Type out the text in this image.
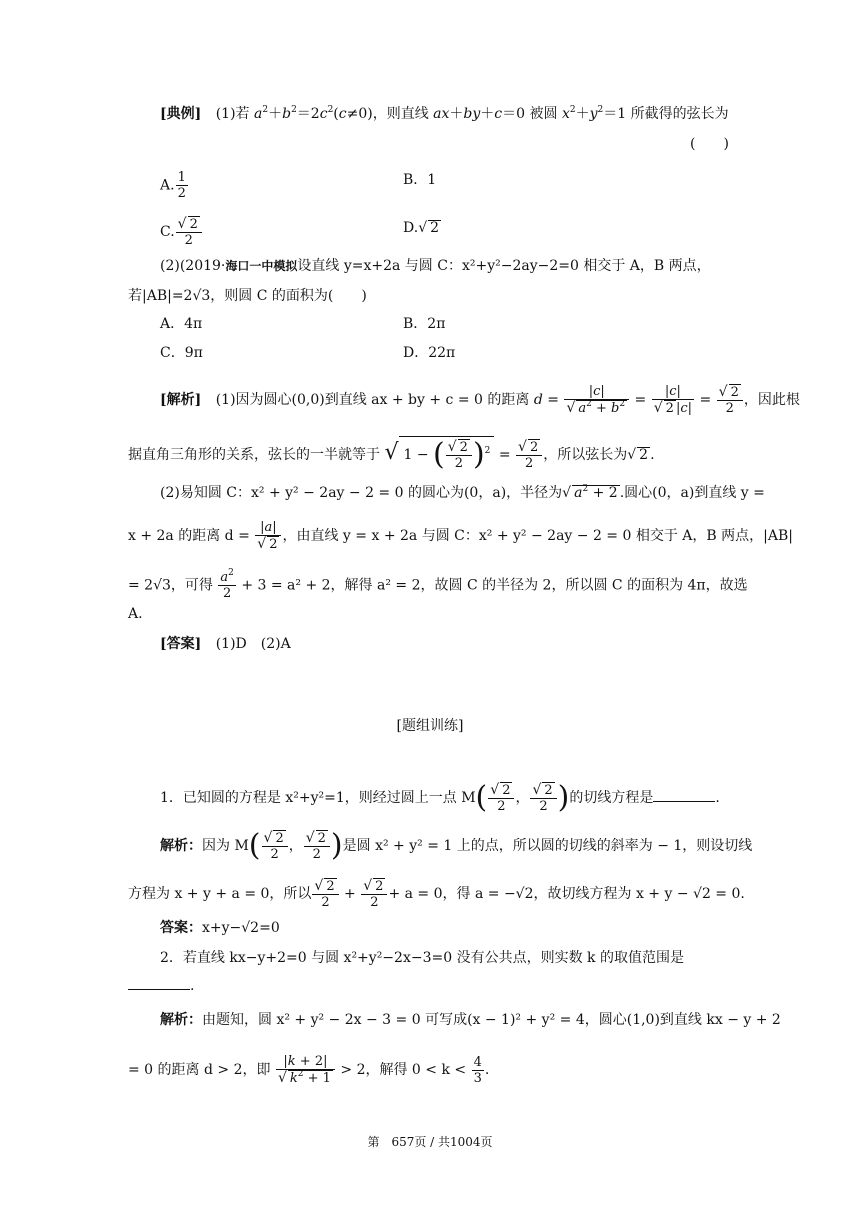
[典例] (1)若 $a^2+b^2=2c^2(c\ne 0)$，则直线 ax＋by＋c＝0 被圆 $x^2+y^2=1$ 所截得的弦长为
(　　)
A. $\frac{1}{2}$	B．1
C. $\frac{√ 2}{2}$	D.√ 2
(2)(2019·海口一中模拟设直线 y=x+2a 与圆 C：x²+y²−2ay−2=0 相交于 A，B 两点，
若|AB|=2√3，则圆 C 的面积为(　　)
A．4π	B．2π
C．9π	D．22π
[解析] (1)因为圆心(0,0)到直线 ax + by + c = 0 的距离 $d = \frac{|c|}{√ a^2 + b^2} = \frac{|c|}{√ 2 |c|} = \frac{√ 2}{2}$ ，因此根
据直角三角形的关系，弦长的一半就等于 √ 1 − ( $\frac{√ 2}{2} )^2 = \frac{√ 2}{2}$ ，所以弦长为√ 2 .
(2)易知圆 C：x² + y² − 2ay − 2 = 0 的圆心为(0，a)，半径为√ $a^2 + 2$ .圆心(0，a)到直线 y =
x + 2a 的距离 $d = \frac{|a|}{√ 2}$ ，由直线 y = x + 2a 与圆 C：x² + y² − 2ay − 2 = 0 相交于 A，B 两点，|AB|
= 2√3，可得 $\frac{a^2}{2} + 3 = a^2 + 2$，解得 a² = 2，故圆 C 的半径为 2，所以圆 C 的面积为 4π，故选
A.
[答案] (1)D　(2)A
[题组训练]
1．已知圆的方程是 x²+y²=1，则经过圆上一点 $M( \frac{√ 2}{2}$ ， $\frac{√ 2}{2}$ )的切线方程是	.
解析：因为 $M( \frac{√ 2}{2}$ ， $\frac{√ 2}{2}$ )是圆 x² + y² = 1 上的点，所以圆的切线的斜率为 − 1，则设切线
方程为 x + y + a = 0，所以 $\frac{√ 2}{2} + \frac{√ 2}{2} + a = 0$，得 a = −√2，故切线方程为 x + y − √2 = 0.
答案：x+y−√2=0
2．若直线 kx−y+2=0 与圆 x²+y²−2x−3=0 没有公共点，则实数 k 的取值范围是
.
解析：由题知，圆 x² + y² − 2x − 3 = 0 可写成(x − 1)² + y² = 4，圆心(1,0)到直线 kx − y + 2
= 0 的距离 d > 2，即 $\frac{|k + 2|}{√ k^2 + 1} > 2$，解得 $0 < k < \frac{4}{3}$ .
第　657页 / 共1004页
